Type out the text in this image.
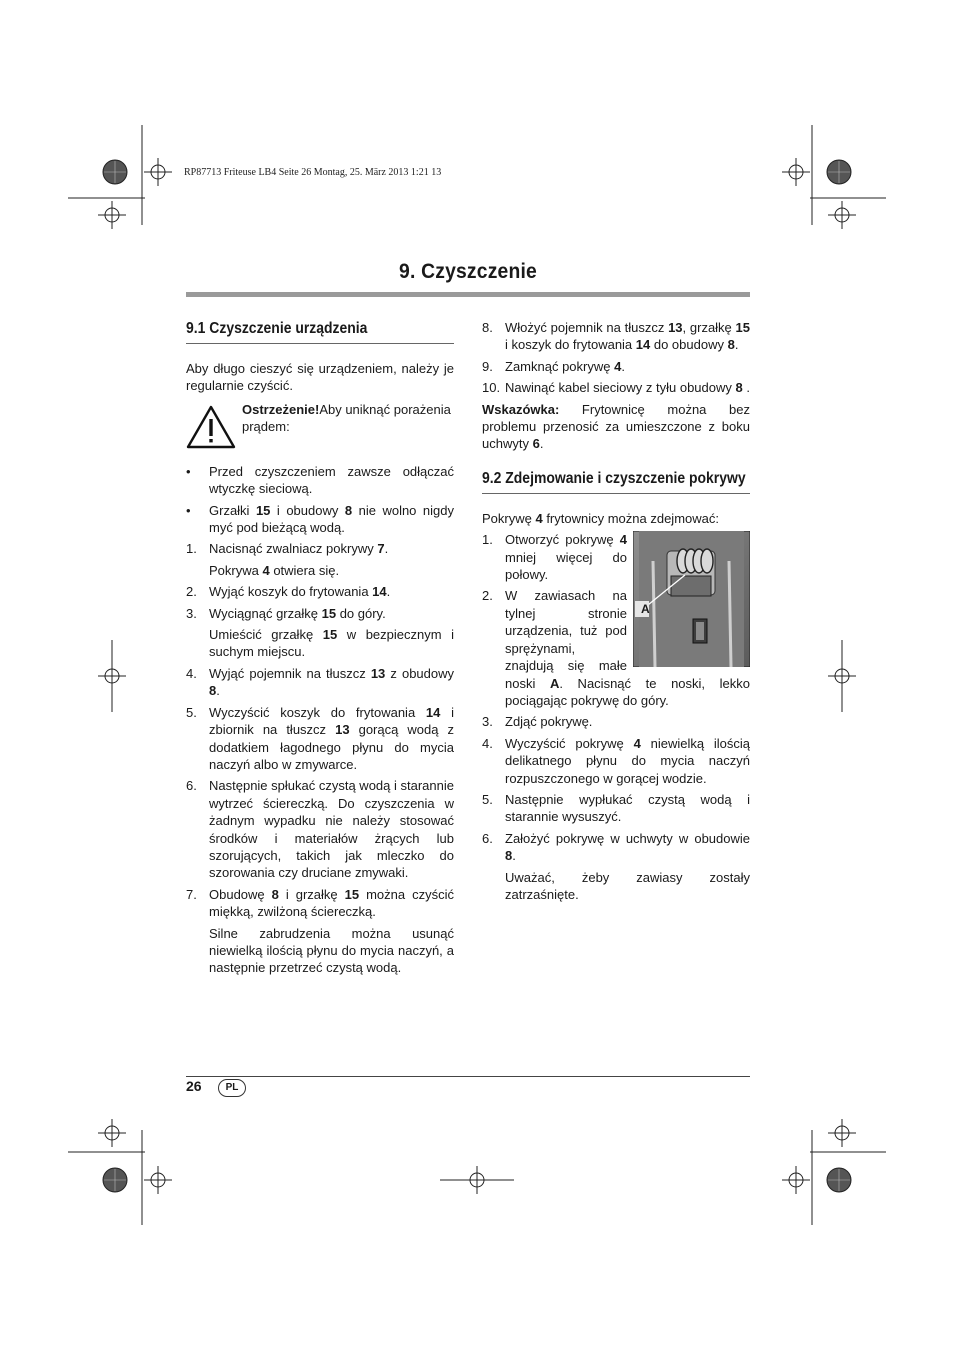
RP87713 Friteuse LB4 Seite 26 Montag, 25. März 2013 1:21 13
9. Czyszczenie
9.1 Czyszczenie urządzenia

Aby długo cieszyć się urządzeniem, należy je regularnie czyścić.

Ostrzeżenie!Aby uniknąć porażenia prądem:
• Przed czyszczeniem zawsze odłączać wtyczkę sieciową.
• Grzałki 15 i obudowy 8 nie wolno nigdy myć pod bieżącą wodą.
1. Nacisnąć zwalniacz pokrywy 7.
Pokrywa 4 otwiera się.
2. Wyjąć koszyk do frytowania 14.
3. Wyciągnąć grzałkę 15 do góry.
Umieścić grzałkę 15 w bezpiecznym i suchym miejscu.
4. Wyjąć pojemnik na tłuszcz 13 z obudowy 8.
5. Wyczyścić koszyk do frytowania 14 i zbiornik na tłuszcz 13 gorącą wodą z dodatkiem łagodnego płynu do mycia naczyń albo w zmywarce.
6. Następnie spłukać czystą wodą i starannie wytrzeć ściereczką. Do czyszczenia w żadnym wypadku nie należy stosować środków i materiałów żrących lub szorujących, takich jak mleczko do szorowania czy druciane zmywaki.
7. Obudowę 8 i grzałkę 15 można czyścić miękką, zwilżoną ściereczką.
Silne zabrudzenia można usunąć niewielką ilością płynu do mycia naczyń, a następnie przetrzeć czystą wodą.
8. Włożyć pojemnik na tłuszcz 13, grzałkę 15 i koszyk do frytowania 14 do obudowy 8.
9. Zamknąć pokrywę 4.
10. Nawinąć kabel sieciowy z tyłu obudowy 8 .

Wskazówka: Frytownicę można bez problemu przenosić za umieszczone z boku uchwyty 6.

9.2 Zdejmowanie i czyszczenie pokrywy

Pokrywę 4 frytownicy można zdejmować:

A
1. Otworzyć pokrywę 4 mniej więcej do połowy.
2. W zawiasach na tylnej stronie urządzenia, tuż pod sprężynami, znajdują się małe noski A. Nacisnąć te noski, lekko pociągając pokrywę do góry.
3. Zdjąć pokrywę.
4. Wyczyścić pokrywę 4 niewielką ilością delikatnego płynu do mycia naczyń rozpuszczonego w gorącej wodzie.
5. Następnie wypłukać czystą wodą i starannie wysuszyć.
6. Założyć pokrywę w uchwyty w obudowie 8.
Uważać, żeby zawiasy zostały zatrzaśnięte.
26	PL
